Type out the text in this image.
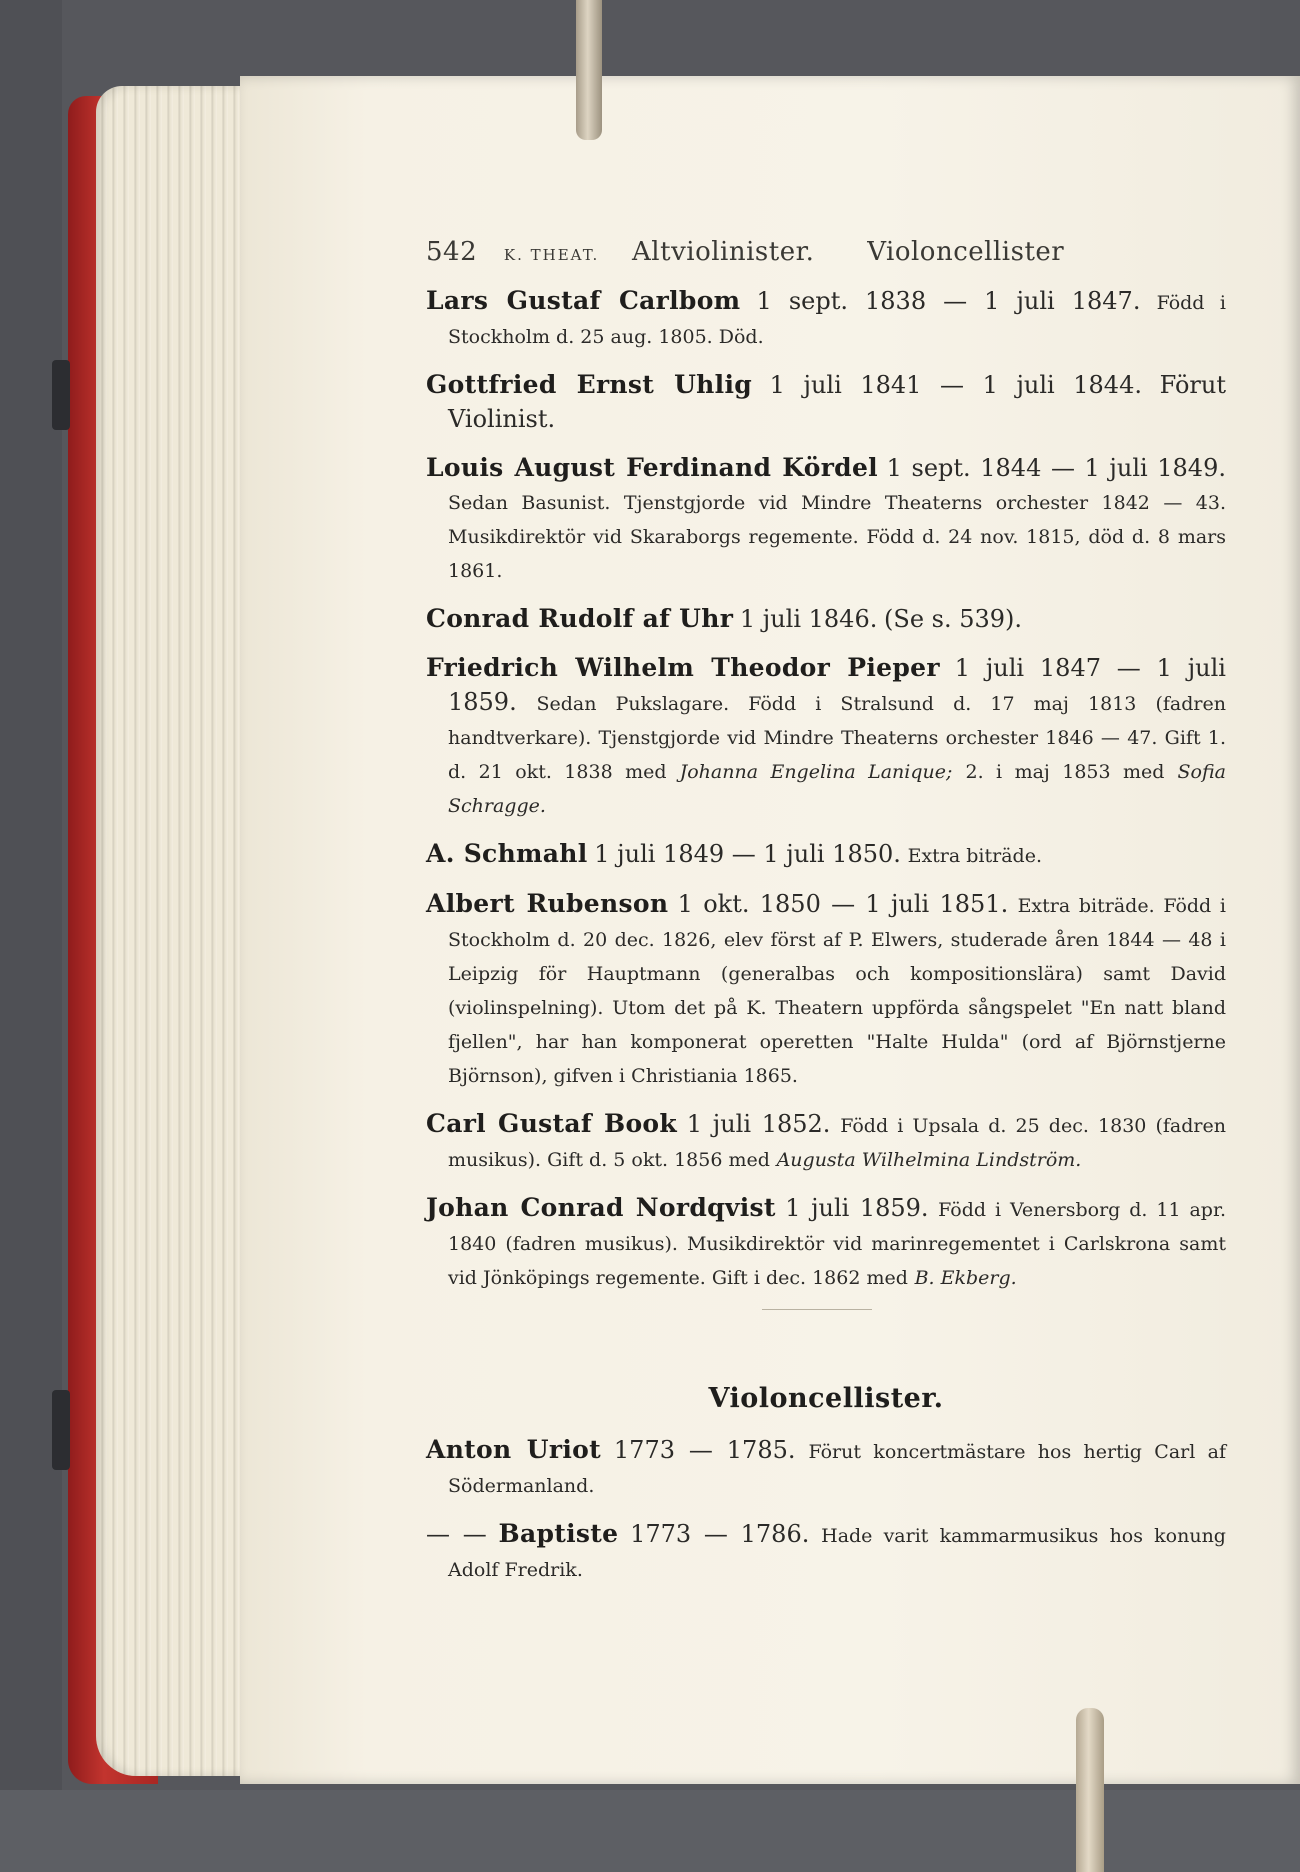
542 K. THEAT. Altviolinister. Violoncellister
Lars Gustaf Carlbom 1 sept. 1838 — 1 juli 1847. Född i Stockholm d. 25 aug. 1805. Död.
Gottfried Ernst Uhlig 1 juli 1841 — 1 juli 1844. Förut Violinist.
Louis August Ferdinand Kördel 1 sept. 1844 — 1 juli 1849. Sedan Basunist. Tjenstgjorde vid Mindre Theaterns orchester 1842 — 43. Musikdirektör vid Skaraborgs regemente. Född d. 24 nov. 1815, död d. 8 mars 1861.
Conrad Rudolf af Uhr 1 juli 1846. (Se s. 539).
Friedrich Wilhelm Theodor Pieper 1 juli 1847 — 1 juli 1859. Sedan Pukslagare. Född i Stralsund d. 17 maj 1813 (fadren handtverkare). Tjenstgjorde vid Mindre Theaterns orchester 1846 — 47. Gift 1. d. 21 okt. 1838 med Johanna Engelina Lanique; 2. i maj 1853 med Sofia Schragge.
A. Schmahl 1 juli 1849 — 1 juli 1850. Extra biträde.
Albert Rubenson 1 okt. 1850 — 1 juli 1851. Extra biträde. Född i Stockholm d. 20 dec. 1826, elev först af P. Elwers, studerade åren 1844 — 48 i Leipzig för Hauptmann (generalbas och kompositionslära) samt David (violinspelning). Utom det på K. Theatern uppförda sångspelet "En natt bland fjellen", har han komponerat operetten "Halte Hulda" (ord af Björnstjerne Björnson), gifven i Christiania 1865.
Carl Gustaf Book 1 juli 1852. Född i Upsala d. 25 dec. 1830 (fadren musikus). Gift d. 5 okt. 1856 med Augusta Wilhelmina Lindström.
Johan Conrad Nordqvist 1 juli 1859. Född i Venersborg d. 11 apr. 1840 (fadren musikus). Musikdirektör vid marinregementet i Carlskrona samt vid Jönköpings regemente. Gift i dec. 1862 med B. Ekberg.
Violoncellister.
Anton Uriot 1773 — 1785. Förut koncertmästare hos hertig Carl af Södermanland.
— — Baptiste 1773 — 1786. Hade varit kammarmusikus hos konung Adolf Fredrik.
